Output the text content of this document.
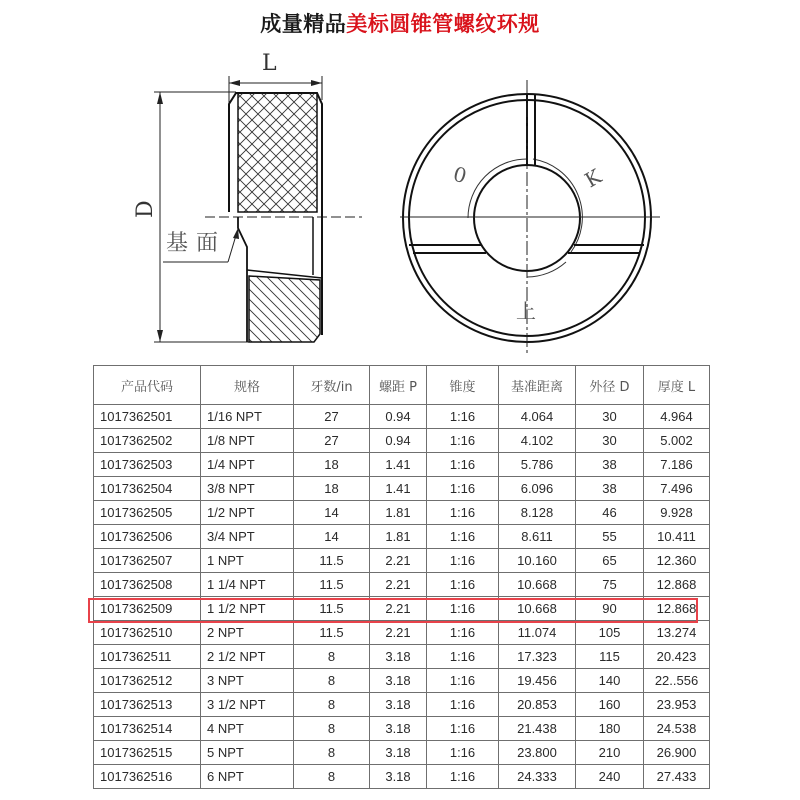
成量精品美标圆锥管螺纹环规
L
D
基面
0	K
上
产品代码	规格	牙数/in	螺距 P	锥度	基准距离	外径 D	厚度 L
1017362501	1/16 NPT	27	0.94	1:16	4.064	30	4.964
1017362502	1/8 NPT	27	0.94	1:16	4.102	30	5.002
1017362503	1/4 NPT	18	1.41	1:16	5.786	38	7.186
1017362504	3/8 NPT	18	1.41	1:16	6.096	38	7.496
1017362505	1/2 NPT	14	1.81	1:16	8.128	46	9.928
1017362506	3/4 NPT	14	1.81	1:16	8.611	55	10.411
1017362507	1 NPT	11.5	2.21	1:16	10.160	65	12.360
1017362508	1 1/4 NPT	11.5	2.21	1:16	10.668	75	12.868
1017362509	1 1/2 NPT	11.5	2.21	1:16	10.668	90	12.868
1017362510	2 NPT	11.5	2.21	1:16	11.074	105	13.274
1017362511	2 1/2 NPT	8	3.18	1:16	17.323	115	20.423
1017362512	3 NPT	8	3.18	1:16	19.456	140	22..556
1017362513	3 1/2 NPT	8	3.18	1:16	20.853	160	23.953
1017362514	4 NPT	8	3.18	1:16	21.438	180	24.538
1017362515	5 NPT	8	3.18	1:16	23.800	210	26.900
1017362516	6 NPT	8	3.18	1:16	24.333	240	27.433
